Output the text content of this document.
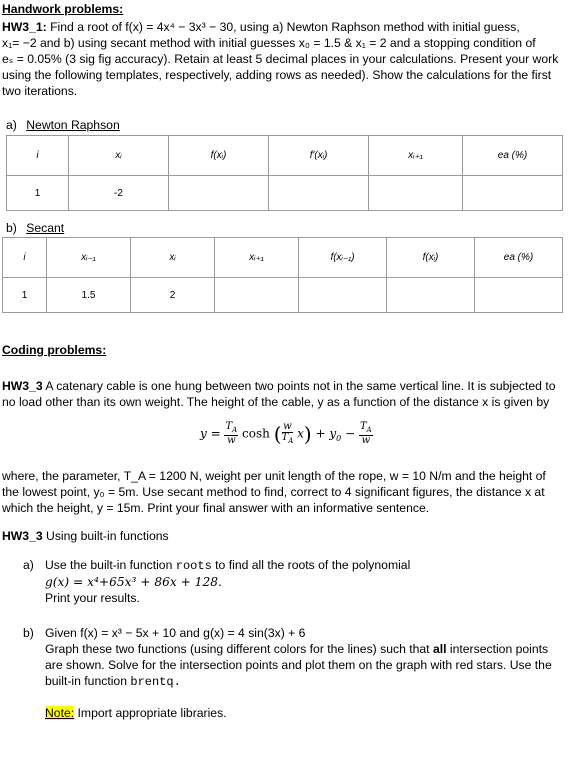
Handwork problems:
HW3_1: Find a root of f(x) = 4x⁴ − 3x³ − 30, using a) Newton Raphson method with initial guess,
x₁= −2 and b) using secant method with initial guesses x₀ = 1.5 & x₁ = 2 and a stopping condition of
eₛ = 0.05% (3 sig fig accuracy). Retain at least 5 decimal places in your calculations. Present your work
using the following templates, respectively, adding rows as needed). Show the calculations for the first
two iterations.
a) Newton Raphson
i	xᵢ	f(xᵢ)	f′(xᵢ)	xᵢ₊₁	ea (%)
1	-2				
b) Secant
i	xᵢ₋₁	xᵢ	xᵢ₊₁	f(xᵢ₋₁)	f(xᵢ)	ea (%)
1	1.5	2				
Coding problems:
HW3_3 A catenary cable is one hung between two points not in the same vertical line. It is subjected to
no load other than its own weight. The height of the cable, y as a function of the distance x is given by
$y = \frac{T_A}{w}$ cosh ( $\frac{w}{T_A} x) + y_0 - \frac{T_A}{w}$
where, the parameter, T_A = 1200 N, weight per unit length of the rope, w = 10 N/m and the height of
the lowest point, y₀ = 5m. Use secant method to find, correct to 4 significant figures, the distance x at
which the height, y = 15m. Print your final answer with an informative sentence.
HW3_3 Using built-in functions
a) Use the built-in function roots to find all the roots of the polynomial
g(x) = x⁴+65x³ + 86x + 128.
Print your results.
b) Given f(x) = x³ − 5x + 10 and g(x) = 4 sin(3x) + 6
Graph these two functions (using different colors for the lines) such that all intersection points
are shown. Solve for the intersection points and plot them on the graph with red stars. Use the
built-in function brentq.
Note: Import appropriate libraries.
